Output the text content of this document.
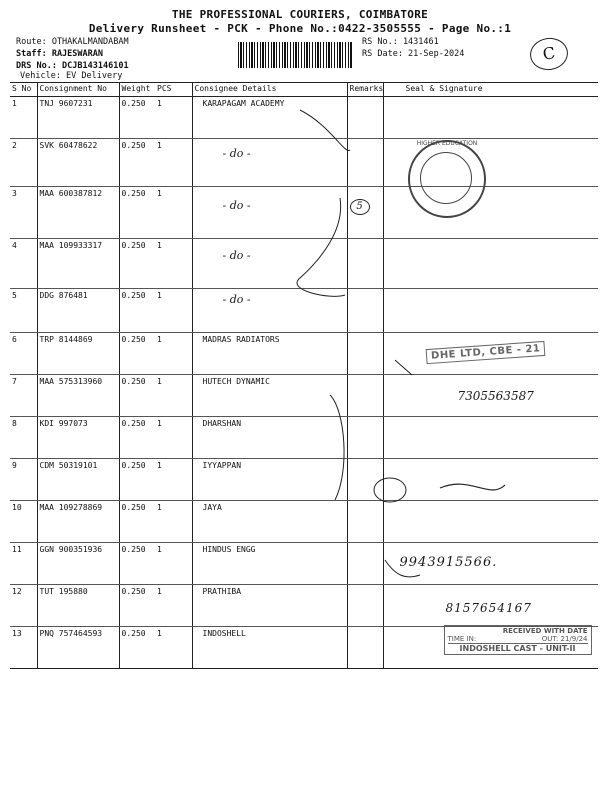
THE PROFESSIONAL COURIERS, COIMBATORE
Delivery Runsheet - PCK - Phone No.:0422-3505555 - Page No.:1
Route: OTHAKALMANDABAM
Staff: RAJESWARAN
DRS No.: DCJB143146101
Vehicle: EV Delivery
RS No.: 1431461
RS Date: 21-Sep-2024	C
S No	Consignment No	Weight	PCS	Consignee Details	Remarks	Seal & Signature
1	TNJ 9607231	0.250	1	KARAPAGAM ACADEMY		
2	SVK 60478622	0.250	1	- do -		
3	MAA 600387812	0.250	1	- do -	5	
4	MAA 109933317	0.250	1	- do -		
5	DDG 876481	0.250	1	- do -		
6	TRP 8144869	0.250	1	MADRAS RADIATORS		DHE LTD, CBE - 21
7	MAA 575313960	0.250	1	HUTECH DYNAMIC		7305563587
8	KDI 997073	0.250	1	DHARSHAN		
9	CDM 50319101	0.250	1	IYYAPPAN		
10	MAA 109278869	0.250	1	JAYA		
11	GGN 900351936	0.250	1	HINDUS ENGG		9943915566.
12	TUT 195880	0.250	1	PRATHIBA		8157654167
13	PNQ 757464593	0.250	1	INDOSHELL		RECEIVED WITH DATE
TIME IN: OUT: 21/9/24
INDOSHELL CAST - UNIT-II
HIGHER EDUCATION
